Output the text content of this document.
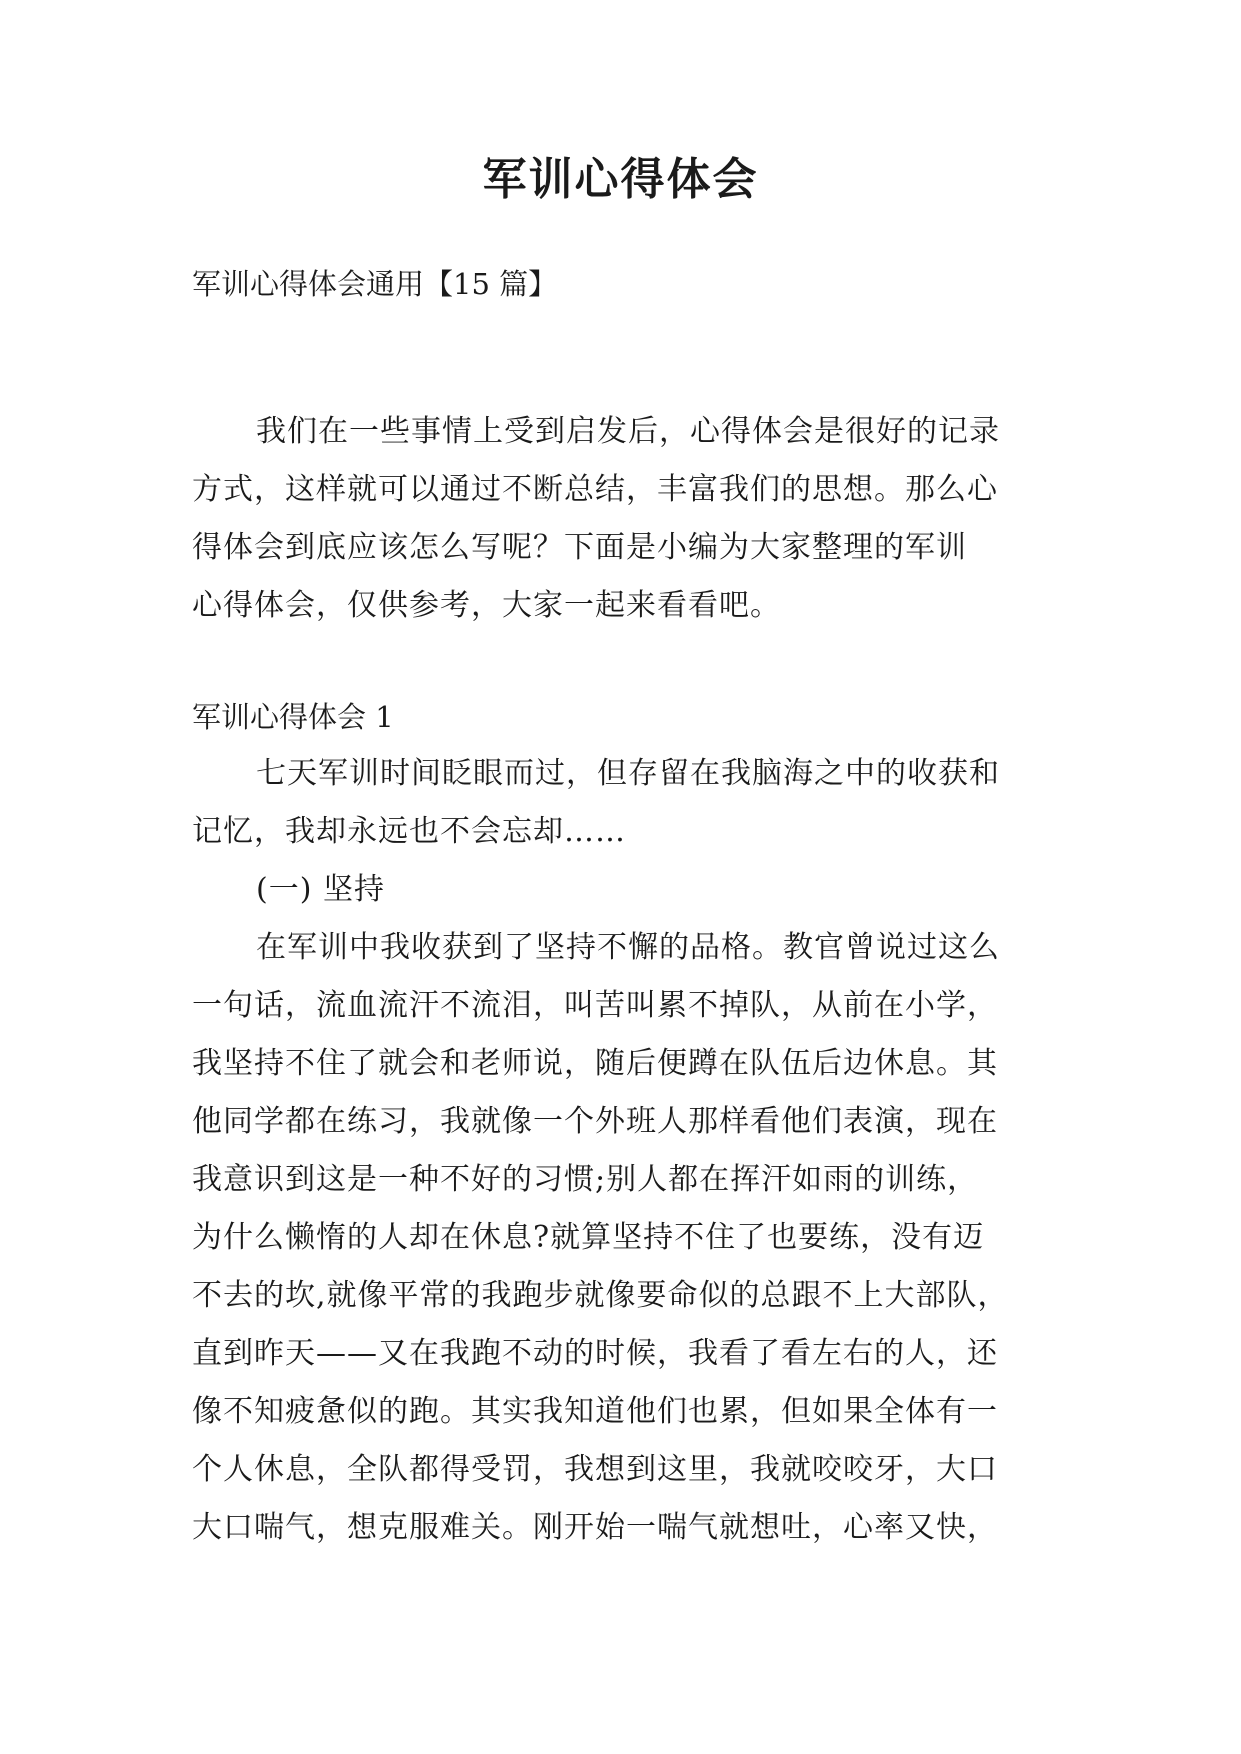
军训心得体会
军训心得体会通用【15 篇】
我们在一些事情上受到启发后，心得体会是很好的记录
方式，这样就可以通过不断总结，丰富我们的思想。那么心
得体会到底应该怎么写呢？下面是小编为大家整理的军训
心得体会，仅供参考，大家一起来看看吧。
军训心得体会 1
七天军训时间眨眼而过，但存留在我脑海之中的收获和
记忆，我却永远也不会忘却……
(一) 坚持
在军训中我收获到了坚持不懈的品格。教官曾说过这么
一句话，流血流汗不流泪，叫苦叫累不掉队，从前在小学，
我坚持不住了就会和老师说，随后便蹲在队伍后边休息。其
他同学都在练习，我就像一个外班人那样看他们表演，现在
我意识到这是一种不好的习惯;别人都在挥汗如雨的训练，
为什么懒惰的人却在休息?就算坚持不住了也要练，没有迈
不去的坎,就像平常的我跑步就像要命似的总跟不上大部队，
直到昨天——又在我跑不动的时候，我看了看左右的人，还
像不知疲惫似的跑。其实我知道他们也累，但如果全体有一
个人休息，全队都得受罚，我想到这里，我就咬咬牙，大口
大口喘气，想克服难关。刚开始一喘气就想吐，心率又快，
